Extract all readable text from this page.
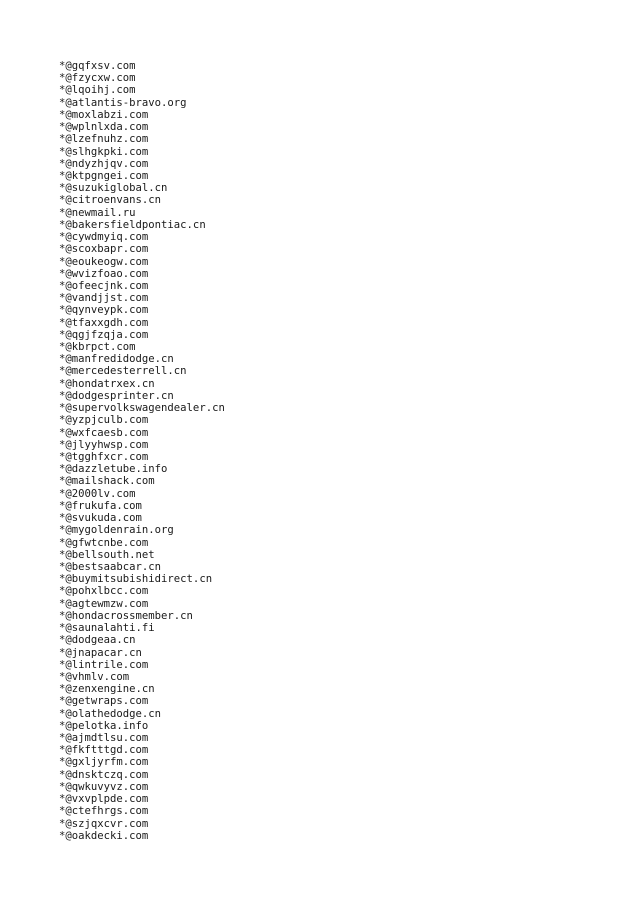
*@gqfxsv.com
*@fzycxw.com
*@lqoihj.com
*@atlantis-bravo.org
*@moxlabzi.com
*@wplnlxda.com
*@lzefnuhz.com
*@slhgkpki.com
*@ndyzhjqv.com
*@ktpgngei.com
*@suzukiglobal.cn
*@citroenvans.cn
*@newmail.ru
*@bakersfieldpontiac.cn
*@cywdmyiq.com
*@scoxbapr.com
*@eoukeogw.com
*@wvizfoao.com
*@ofeecjnk.com
*@vandjjst.com
*@qynveypk.com
*@tfaxxgdh.com
*@qgjfzqja.com
*@kbrpct.com
*@manfredidodge.cn
*@mercedesterrell.cn
*@hondatrxex.cn
*@dodgesprinter.cn
*@supervolkswagendealer.cn
*@yzpjculb.com
*@wxfcaesb.com
*@jlyyhwsp.com
*@tgghfxcr.com
*@dazzletube.info
*@mailshack.com
*@2000lv.com
*@frukufa.com
*@svukuda.com
*@mygoldenrain.org
*@gfwtcnbe.com
*@bellsouth.net
*@bestsaabcar.cn
*@buymitsubishidirect.cn
*@pohxlbcc.com
*@agtewmzw.com
*@hondacrossmember.cn
*@saunalahti.fi
*@dodgeaa.cn
*@jnapacar.cn
*@lintrile.com
*@vhmlv.com
*@zenxengine.cn
*@getwraps.com
*@olathedodge.cn
*@pelotka.info
*@ajmdtlsu.com
*@fkftttgd.com
*@gxljyrfm.com
*@dnsktczq.com
*@qwkuvyvz.com
*@vxvplpde.com
*@ctefhrgs.com
*@szjqxcvr.com
*@oakdecki.com
